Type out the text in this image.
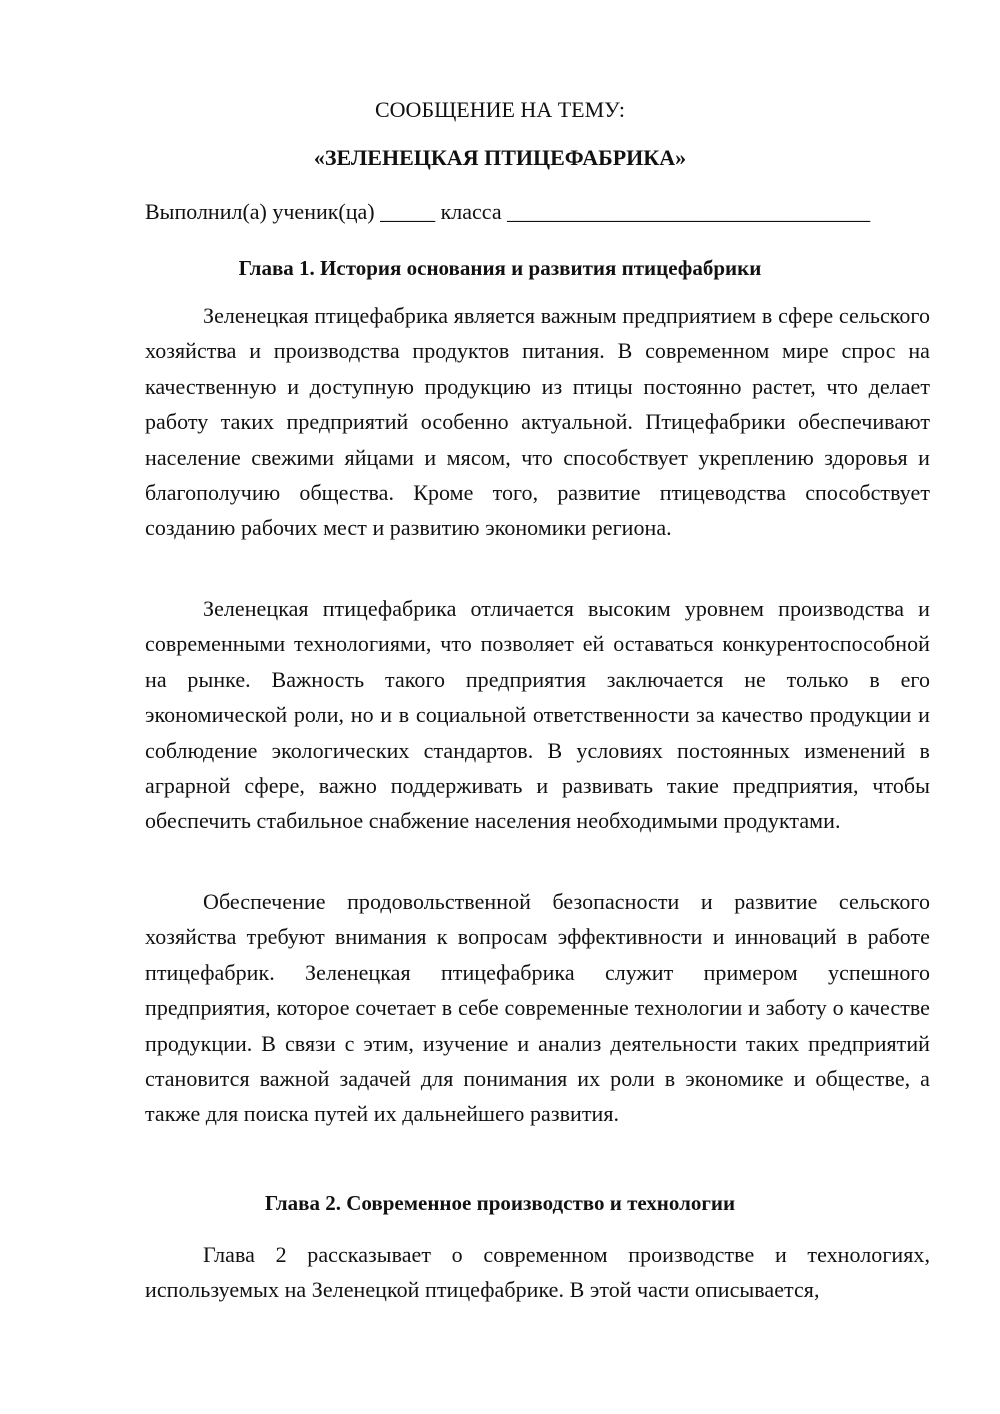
СООБЩЕНИЕ НА ТЕМУ:

«ЗЕЛЕНЕЦКАЯ ПТИЦЕФАБРИКА»

Выполнил(а) ученик(ца) _____ класса _________________________________

Глава 1. История основания и развития птицефабрики

Зеленецкая птицефабрика является важным предприятием в сфере сельского хозяйства и производства продуктов питания. В современном мире спрос на качественную и доступную продукцию из птицы постоянно растет, что делает работу таких предприятий особенно актуальной. Птицефабрики обеспечивают население свежими яйцами и мясом, что способствует укреплению здоровья и благополучию общества. Кроме того, развитие птицеводства способствует созданию рабочих мест и развитию экономики региона.

Зеленецкая птицефабрика отличается высоким уровнем производства и современными технологиями, что позволяет ей оставаться конкурентоспособной на рынке. Важность такого предприятия заключается не только в его экономической роли, но и в социальной ответственности за качество продукции и соблюдение экологических стандартов. В условиях постоянных изменений в аграрной сфере, важно поддерживать и развивать такие предприятия, чтобы обеспечить стабильное снабжение населения необходимыми продуктами.

Обеспечение продовольственной безопасности и развитие сельского хозяйства требуют внимания к вопросам эффективности и инноваций в работе птицефабрик. Зеленецкая птицефабрика служит примером успешного предприятия, которое сочетает в себе современные технологии и заботу о качестве продукции. В связи с этим, изучение и анализ деятельности таких предприятий становится важной задачей для понимания их роли в экономике и обществе, а также для поиска путей их дальнейшего развития.

Глава 2. Современное производство и технологии

Глава 2 рассказывает о современном производстве и технологиях, используемых на Зеленецкой птицефабрике. В этой части описывается,
